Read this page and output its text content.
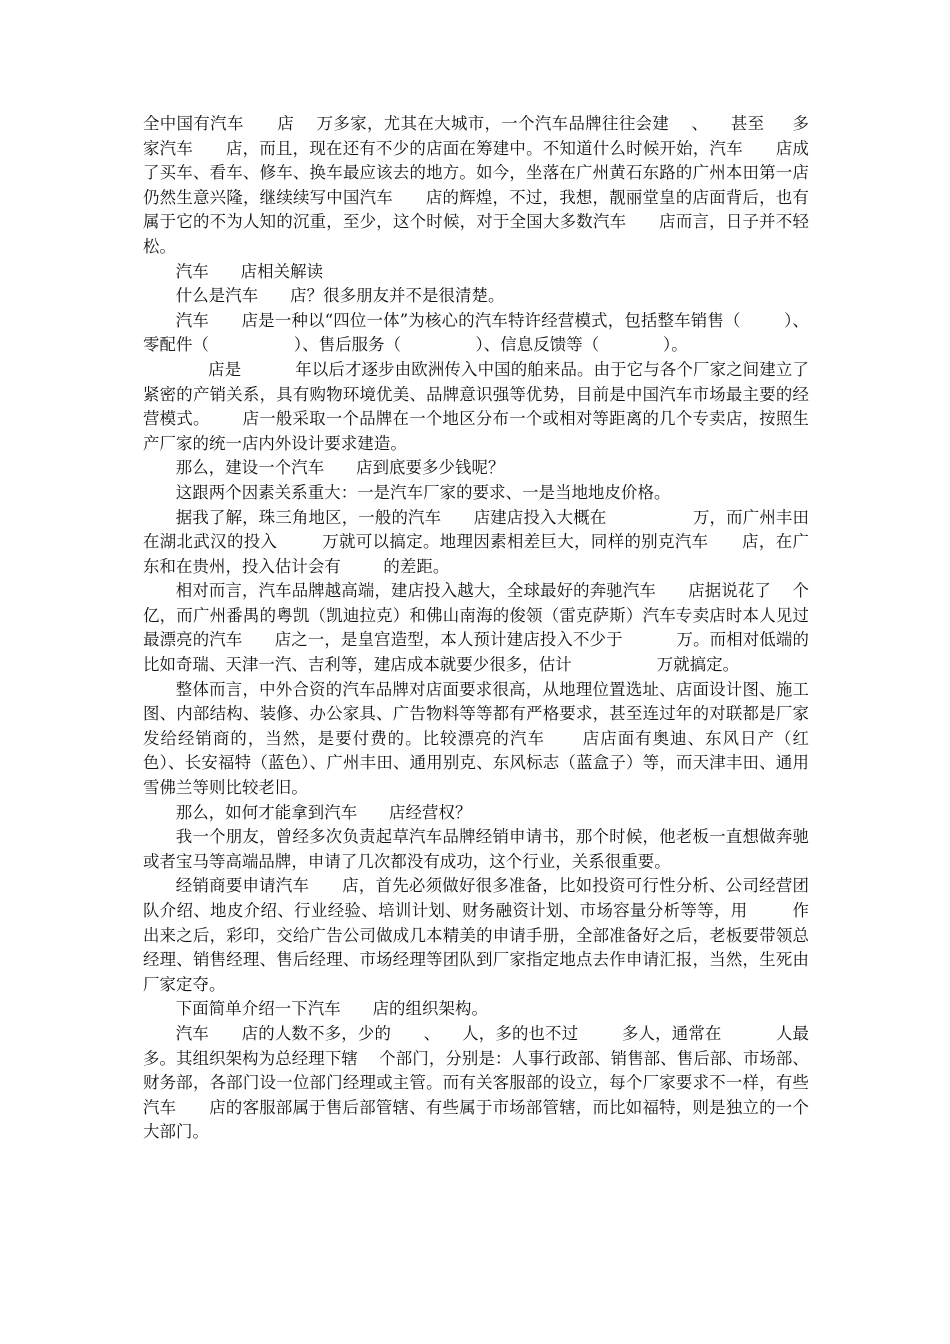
全中国有汽车      店    万多家，尤其在大城市，一个汽车品牌往往会建    、    甚至     多家汽车      店，而且，现在还有不少的店面在筹建中。不知道什么时候开始，汽车      店成了买车、看车、修车、换车最应该去的地方。如今，坐落在广州黄石东路的广州本田第一店仍然生意兴隆，继续续写中国汽车      店的辉煌，不过，我想，靓丽堂皇的店面背后，也有属于它的不为人知的沉重，至少，这个时候，对于全国大多数汽车      店而言，日子并不轻松。

汽车      店相关解读

什么是汽车      店？很多朋友并不是很清楚。

汽车      店是一种以“四位一体”为核心的汽车特许经营模式，包括整车销售（        ）、零配件（                ）、售后服务（              ）、信息反馈等（            ）。

店是          年以后才逐步由欧洲传入中国的舶来品。由于它与各个厂家之间建立了紧密的产销关系，具有购物环境优美、品牌意识强等优势，目前是中国汽车市场最主要的经营模式。      店一般采取一个品牌在一个地区分布一个或相对等距离的几个专卖店，按照生产厂家的统一店内外设计要求建造。

那么，建设一个汽车      店到底要多少钱呢？

这跟两个因素关系重大：一是汽车厂家的要求、一是当地地皮价格。

据我了解，珠三角地区，一般的汽车      店建店投入大概在                万，而广州丰田在湖北武汉的投入        万就可以搞定。地理因素相差巨大，同样的别克汽车      店，在广东和在贵州，投入估计会有        的差距。

相对而言，汽车品牌越高端，建店投入越大，全球最好的奔驰汽车      店据说花了    个亿，而广州番禺的粤凯（凯迪拉克）和佛山南海的俊领（雷克萨斯）汽车专卖店时本人见过最漂亮的汽车      店之一，是皇宫造型，本人预计建店投入不少于          万。而相对低端的比如奇瑞、天津一汽、吉利等，建店成本就要少很多，估计                万就搞定。

整体而言，中外合资的汽车品牌对店面要求很高，从地理位置选址、店面设计图、施工图、内部结构、装修、办公家具、广告物料等等都有严格要求，甚至连过年的对联都是厂家发给经销商的，当然，是要付费的。比较漂亮的汽车      店店面有奥迪、东风日产（红色）、长安福特（蓝色）、广州丰田、通用别克、东风标志（蓝盒子）等，而天津丰田、通用雪佛兰等则比较老旧。

那么，如何才能拿到汽车      店经营权？

我一个朋友，曾经多次负责起草汽车品牌经销申请书，那个时候，他老板一直想做奔驰或者宝马等高端品牌，申请了几次都没有成功，这个行业，关系很重要。

经销商要申请汽车      店，首先必须做好很多准备，比如投资可行性分析、公司经营团队介绍、地皮介绍、行业经验、培训计划、财务融资计划、市场容量分析等等，用        作出来之后，彩印，交给广告公司做成几本精美的申请手册，全部准备好之后，老板要带领总经理、销售经理、售后经理、市场经理等团队到厂家指定地点去作申请汇报，当然，生死由厂家定夺。

下面简单介绍一下汽车      店的组织架构。

汽车      店的人数不多，少的      、    人，多的也不过        多人，通常在          人最多。其组织架构为总经理下辖    个部门，分别是：人事行政部、销售部、售后部、市场部、财务部，各部门设一位部门经理或主管。而有关客服部的设立，每个厂家要求不一样，有些汽车      店的客服部属于售后部管辖、有些属于市场部管辖，而比如福特，则是独立的一个大部门。
